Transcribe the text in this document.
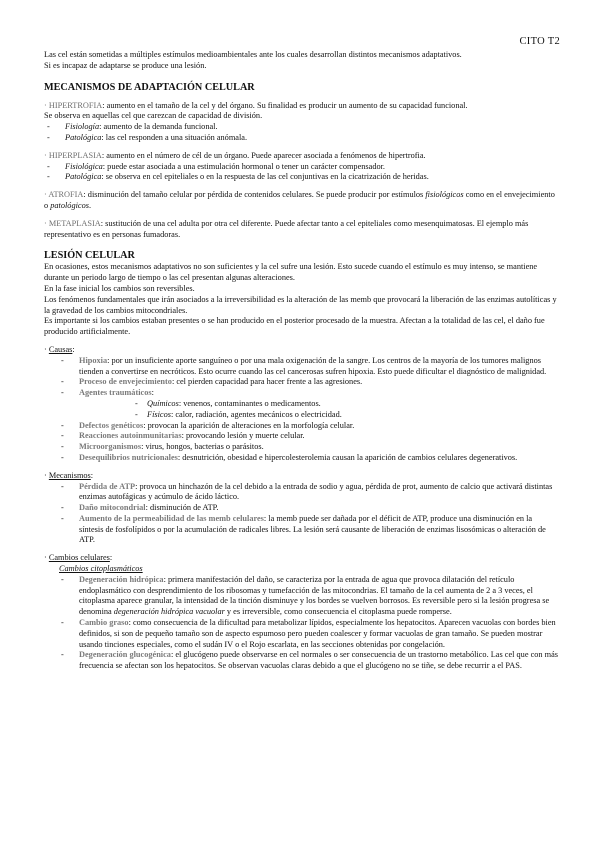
CITO T2

Las cel están sometidas a múltiples estímulos medioambientales ante los cuales desarrollan distintos mecanismos adaptativos.

Si es incapaz de adaptarse se produce una lesión.

MECANISMOS DE ADAPTACIÓN CELULAR

· HIPERTROFIA: aumento en el tamaño de la cel y del órgano. Su finalidad es producir un aumento de su capacidad funcional.

Se observa en aquellas cel que carezcan de capacidad de división.

- Fisiología: aumento de la demanda funcional.
- Patológica: las cel responden a una situación anómala.

· HIPERPLASIA: aumento en el número de cél de un órgano. Puede aparecer asociada a fenómenos de hipertrofia.

- Fisiológica: puede estar asociada a una estimulación hormonal o tener un carácter compensador.
- Patológica: se observa en cel epiteliales o en la respuesta de las cel conjuntivas en la cicatrización de heridas.

· ATROFIA: disminución del tamaño celular por pérdida de contenidos celulares. Se puede producir por estímulos fisiológicos como en el envejecimiento o patológicos.

· METAPLASIA: sustitución de una cel adulta por otra cel diferente. Puede afectar tanto a cel epiteliales como mesenquimatosas. El ejemplo más representativo es en personas fumadoras.

LESIÓN CELULAR

En ocasiones, estos mecanismos adaptativos no son suficientes y la cel sufre una lesión. Esto sucede cuando el estímulo es muy intenso, se mantiene durante un periodo largo de tiempo o las cel presentan algunas alteraciones.

En la fase inicial los cambios son reversibles.

Los fenómenos fundamentales que irán asociados a la irreversibilidad es la alteración de las memb que provocará la liberación de las enzimas autolíticas y la gravedad de los cambios mitocondriales.

Es importante si los cambios estaban presentes o se han producido en el posterior procesado de la muestra. Afectan a la totalidad de las cel, el daño fue producido artificialmente.

· Causas:

- Hipoxia: por un insuficiente aporte sanguíneo o por una mala oxigenación de la sangre. Los centros de la mayoría de los tumores malignos tienden a convertirse en necróticos. Esto ocurre cuando las cel cancerosas sufren hipoxia. Esto puede dificultar el diagnóstico de malignidad.
- Proceso de envejecimiento: cel pierden capacidad para hacer frente a las agresiones.
- Agentes traumáticos:
- Químicos: venenos, contaminantes o medicamentos.
- Físicos: calor, radiación, agentes mecánicos o electricidad.
- Defectos genéticos: provocan la aparición de alteraciones en la morfología celular.
- Reacciones autoinmunitarias: provocando lesión y muerte celular.
- Microorganismos: virus, hongos, bacterias o parásitos.
- Desequilibrios nutricionales: desnutrición, obesidad e hipercolesterolemia causan la aparición de cambios celulares degenerativos.

· Mecanismos:

- Pérdida de ATP: provoca un hinchazón de la cel debido a la entrada de sodio y agua, pérdida de prot, aumento de calcio que activará distintas enzimas autofágicas y acúmulo de ácido láctico.
- Daño mitocondrial: disminución de ATP.
- Aumento de la permeabilidad de las memb celulares: la memb puede ser dañada por el déficit de ATP, produce una disminución en la síntesis de fosfolípidos o por la acumulación de radicales libres. La lesión será causante de liberación de enzimas lisosómicas o alteración de ATP.

· Cambios celulares:

Cambios citoplasmáticos

- Degeneración hidrópica: primera manifestación del daño, se caracteriza por la entrada de agua que provoca dilatación del retículo endoplasmático con desprendimiento de los ribosomas y tumefacción de las mitocondrias. El tamaño de la cel aumenta de 2 a 3 veces, el citoplasma aparece granular, la intensidad de la tinción disminuye y los bordes se vuelven borrosos. Es reversible pero si la lesión progresa se denomina degeneración hidrópica vacuolar y es irreversible, como consecuencia el citoplasma puede romperse.
- Cambio graso: como consecuencia de la dificultad para metabolizar lípidos, especialmente los hepatocitos. Aparecen vacuolas con bordes bien definidos, si son de pequeño tamaño son de aspecto espumoso pero pueden coalescer y formar vacuolas de gran tamaño. Se pueden mostrar usando tinciones especiales, como el sudán IV o el Rojo escarlata, en las secciones obtenidas por congelación.
- Degeneración glucogénica: el glucógeno puede observarse en cel normales o ser consecuencia de un trastorno metabólico. Las cel que con más frecuencia se afectan son los hepatocitos. Se observan vacuolas claras debido a que el glucógeno no se tiñe, se debe recurrir a el PAS.
